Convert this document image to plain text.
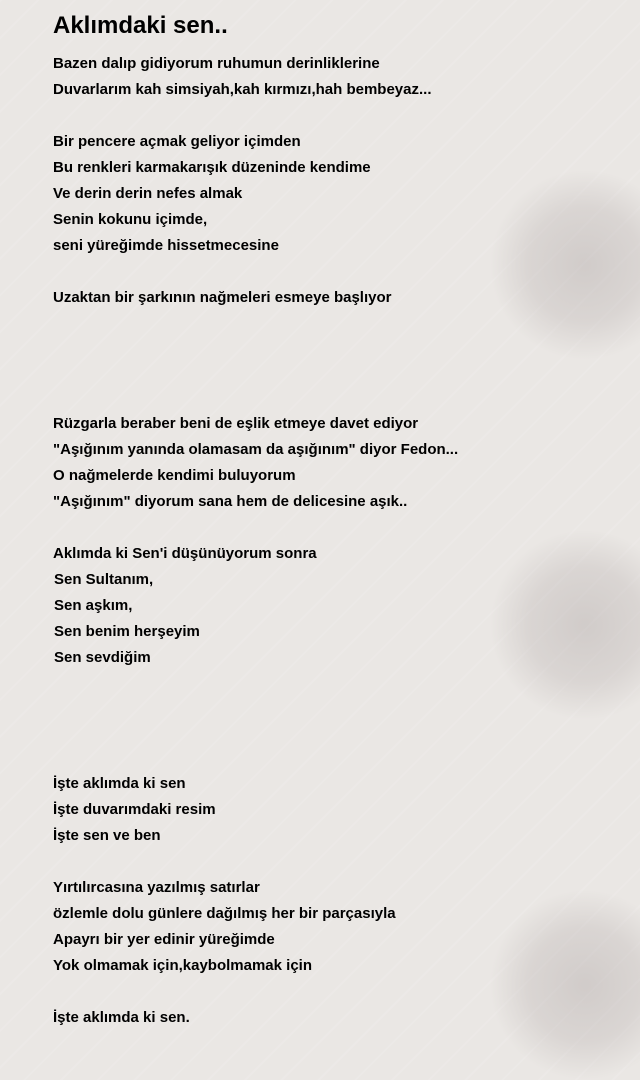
Aklımdaki sen..

Bazen dalıp gidiyorum ruhumun derinliklerine

Duvarlarım kah simsiyah,kah kırmızı,hah bembeyaz...

Bir pencere açmak geliyor içimden

Bu renkleri karmakarışık düzeninde kendime

Ve derin derin nefes almak

Senin kokunu içimde,

seni yüreğimde hissetmecesine

Uzaktan bir şarkının nağmeleri esmeye başlıyor

Rüzgarla beraber beni de eşlik etmeye davet ediyor

"Aşığınım yanında olamasam da aşığınım" diyor Fedon...

O nağmelerde kendimi buluyorum

"Aşığınım" diyorum sana hem de delicesine aşık..

Aklımda ki Sen'i düşünüyorum sonra

Sen Sultanım,

Sen aşkım,

Sen benim herşeyim

Sen sevdiğim

İşte aklımda ki sen

İşte duvarımdaki resim

İşte sen ve ben

Yırtılırcasına yazılmış satırlar

özlemle dolu günlere dağılmış her bir parçasıyla

Apayrı bir yer edinir yüreğimde

Yok olmamak için,kaybolmamak için

İşte aklımda ki sen.
